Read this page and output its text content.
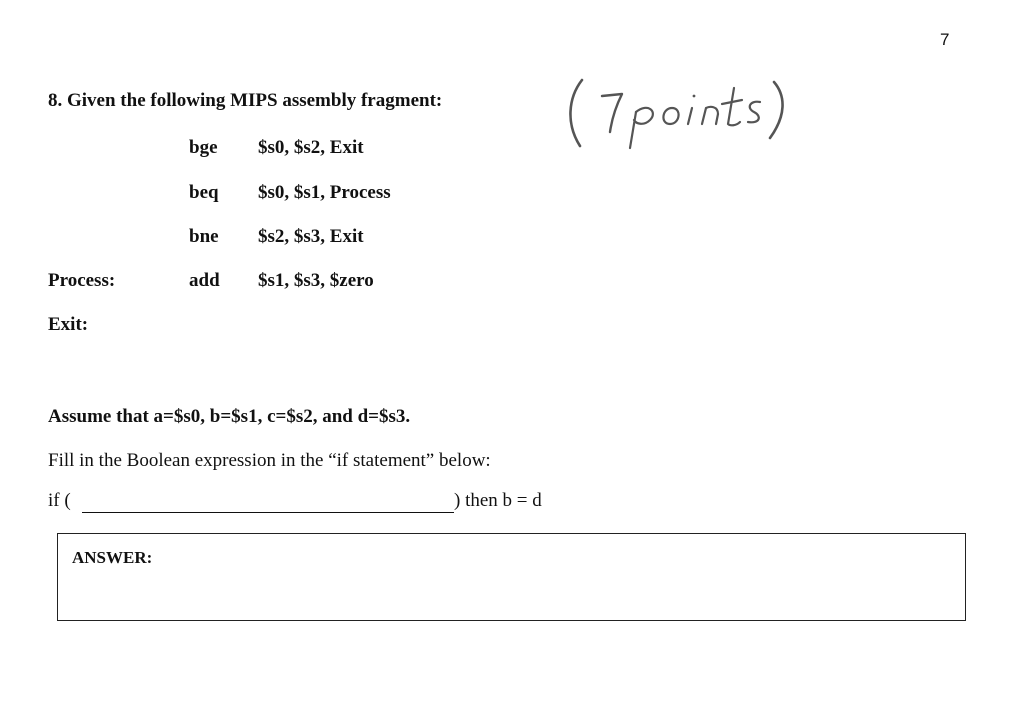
7
8. Given the following MIPS assembly fragment:
bge $s0, $s2, Exit
beq $s0, $s1, Process
bne $s2, $s3, Exit
Process:	add $s1, $s3, $zero
Exit:
Assume that a=$s0, b=$s1, c=$s2, and d=$s3.
Fill in the Boolean expression in the “if statement” below:
if (	) then b = d
ANSWER:
